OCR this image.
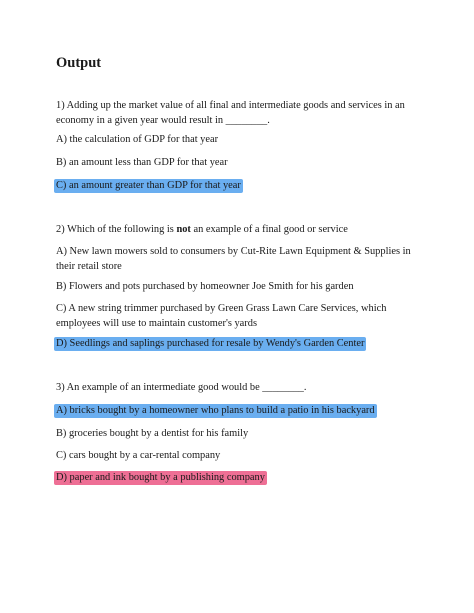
Output
1) Adding up the market value of all final and intermediate goods and services in an economy in a given year would result in ________.
A) the calculation of GDP for that year
B) an amount less than GDP for that year
C) an amount greater than GDP for that year
2) Which of the following is not an example of a final good or service
A) New lawn mowers sold to consumers by Cut-Rite Lawn Equipment & Supplies in their retail store
B) Flowers and pots purchased by homeowner Joe Smith for his garden
C) A new string trimmer purchased by Green Grass Lawn Care Services, which employees will use to maintain customer's yards
D) Seedlings and saplings purchased for resale by Wendy's Garden Center
3) An example of an intermediate good would be ________.
A) bricks bought by a homeowner who plans to build a patio in his backyard
B) groceries bought by a dentist for his family
C) cars bought by a car-rental company
D) paper and ink bought by a publishing company
